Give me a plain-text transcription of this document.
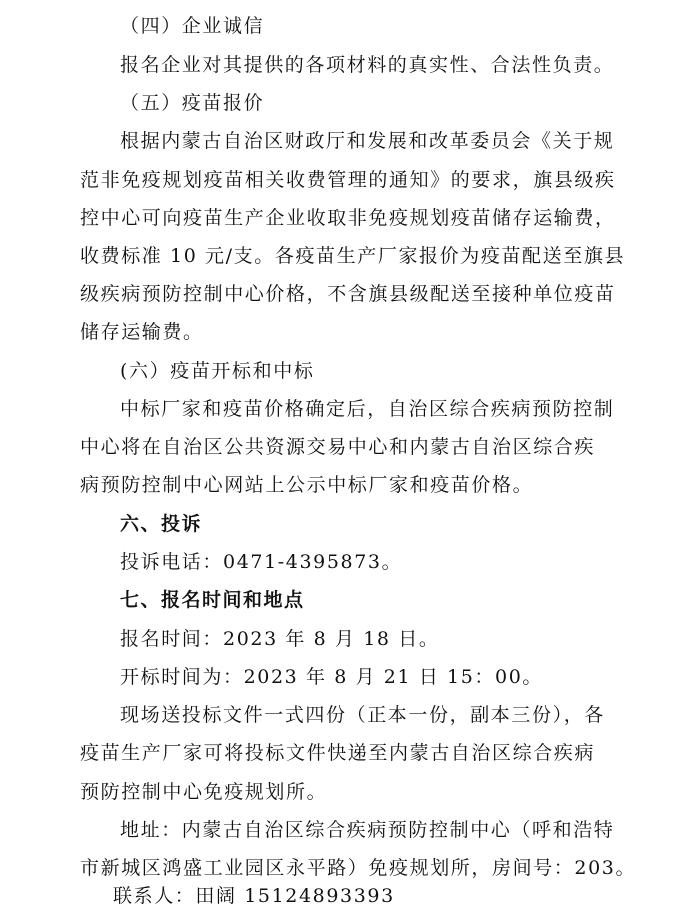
（四）企业诚信
报名企业对其提供的各项材料的真实性、合法性负责。
（五）疫苗报价
根据内蒙古自治区财政厅和发展和改革委员会《关于规
范非免疫规划疫苗相关收费管理的通知》的要求，旗县级疾
控中心可向疫苗生产企业收取非免疫规划疫苗储存运输费，
收费标准 10 元/支。各疫苗生产厂家报价为疫苗配送至旗县
级疾病预防控制中心价格，不含旗县级配送至接种单位疫苗
储存运输费。
(六）疫苗开标和中标
中标厂家和疫苗价格确定后，自治区综合疾病预防控制
中心将在自治区公共资源交易中心和内蒙古自治区综合疾
病预防控制中心网站上公示中标厂家和疫苗价格。
六、投诉
投诉电话：0471-4395873。
七、报名时间和地点
报名时间：2023 年 8 月 18 日。
开标时间为：2023 年 8 月 21 日 15：00。
现场送投标文件一式四份（正本一份，副本三份），各
疫苗生产厂家可将投标文件快递至内蒙古自治区综合疾病
预防控制中心免疫规划所。
地址：内蒙古自治区综合疾病预防控制中心（呼和浩特
市新城区鸿盛工业园区永平路）免疫规划所，房间号：203。
联系人：田阔 15124893393
